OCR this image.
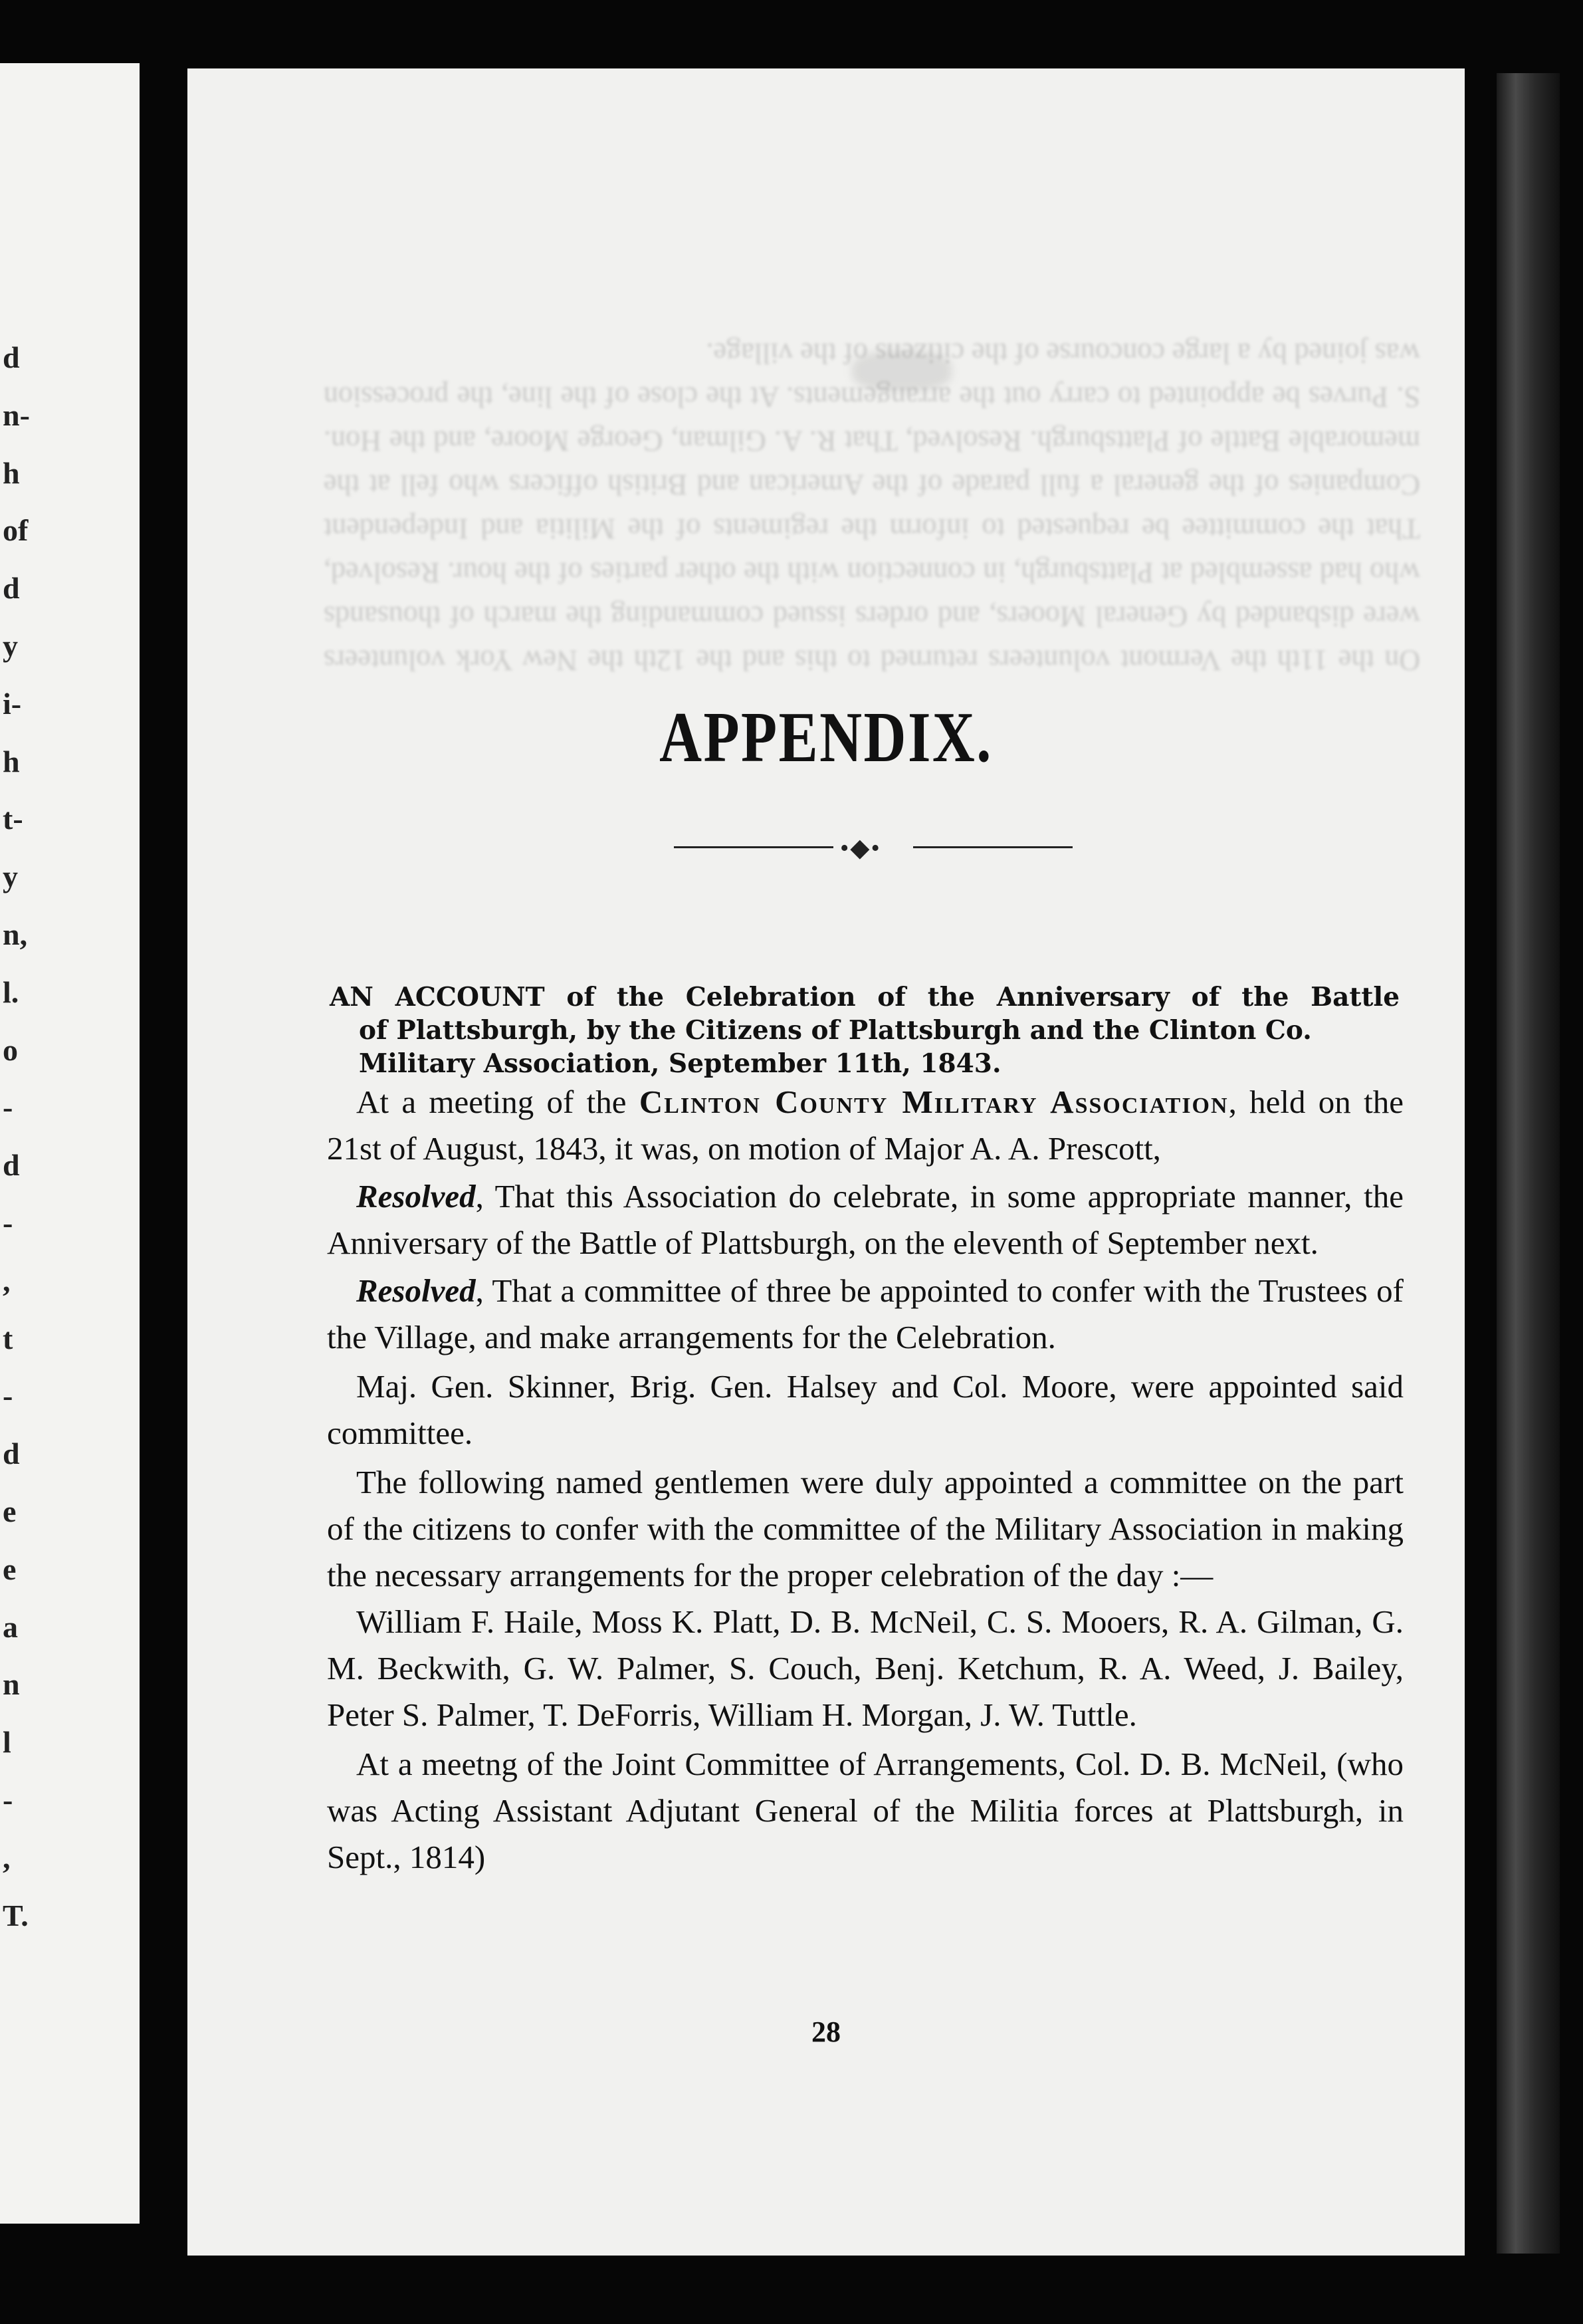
d
n-
h
of
d
y
i-
h
t-
y
n,
l.
o
-
d
-
,
t
-
d
e
e
a
n
l
-
,
T.
On the 11th the Vermont volunteers returned to this and the 12th the New York volunteers were disbanded by General Mooers, and orders issued commanding the march of thousands who had assembled at Plattsburgh, in connection with the other parties of the hour. Resolved, That the committee be requested to inform the regiments of the Militia and Independent Companies of the general a full parade of the American and British officers who fell at the memorable Battle of Plattsburgh. Resolved, That R. A. Gilman, George Moore, and the Hon. S. Purves be appointed to carry out the arrangements. At the close of the line, the procession was joined by a large concourse of the citizens of the village.
APPENDIX.
•◆•
AN ACCOUNT of the Celebration of the Anniversary of the Battle
of Plattsburgh, by the Citizens of Plattsburgh and the Clinton Co. Military Association, September 11th, 1843.

At a meeting of the Clinton County Military Association, held on the 21st of August, 1843, it was, on motion of Major A. A. Prescott,

Resolved, That this Association do celebrate, in some appropriate manner, the Anniversary of the Battle of Plattsburgh, on the eleventh of September next.

Resolved, That a committee of three be appointed to confer with the Trustees of the Village, and make arrangements for the Celebration.

Maj. Gen. Skinner, Brig. Gen. Halsey and Col. Moore, were appointed said committee.

The following named gentlemen were duly appointed a committee on the part of the citizens to confer with the committee of the Military Association in making the necessary arrangements for the proper celebration of the day :—

William F. Haile, Moss K. Platt, D. B. McNeil, C. S. Mooers, R. A. Gilman, G. M. Beckwith, G. W. Palmer, S. Couch, Benj. Ketchum, R. A. Weed, J. Bailey, Peter S. Palmer, T. DeForris, William H. Morgan, J. W. Tuttle.

At a meetng of the Joint Committee of Arrangements, Col. D. B. McNeil, (who was Acting Assistant Adjutant General of the Militia forces at Plattsburgh, in Sept., 1814)

28
